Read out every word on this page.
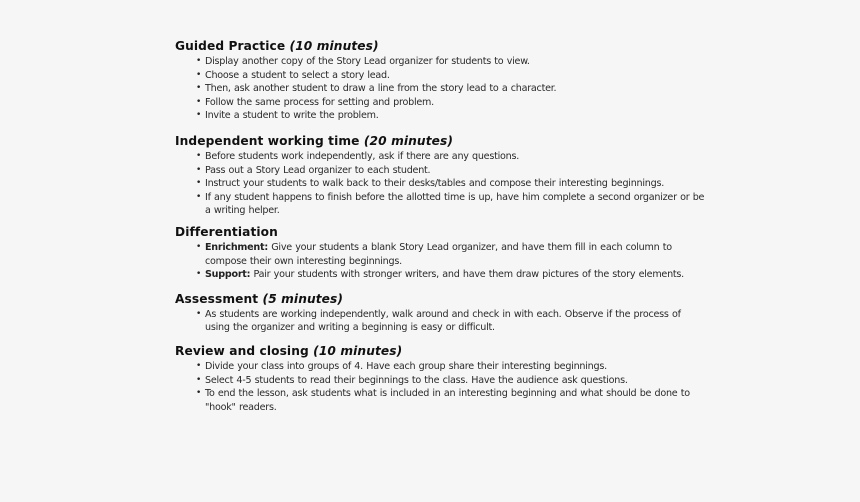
Guided Practice (10 minutes)
• Display another copy of the Story Lead organizer for students to view.
• Choose a student to select a story lead.
• Then, ask another student to draw a line from the story lead to a character.
• Follow the same process for setting and problem.
• Invite a student to write the problem.
Independent working time (20 minutes)
• Before students work independently, ask if there are any questions.
• Pass out a Story Lead organizer to each student.
• Instruct your students to walk back to their desks/tables and compose their interesting beginnings.
• If any student happens to finish before the allotted time is up, have him complete a second organizer or be a writing helper.
Differentiation
• Enrichment: Give your students a blank Story Lead organizer, and have them fill in each column to compose their own interesting beginnings.
• Support: Pair your students with stronger writers, and have them draw pictures of the story elements.
Assessment (5 minutes)
• As students are working independently, walk around and check in with each. Observe if the process of using the organizer and writing a beginning is easy or difficult.
Review and closing (10 minutes)
• Divide your class into groups of 4. Have each group share their interesting beginnings.
• Select 4-5 students to read their beginnings to the class. Have the audience ask questions.
• To end the lesson, ask students what is included in an interesting beginning and what should be done to "hook" readers.
